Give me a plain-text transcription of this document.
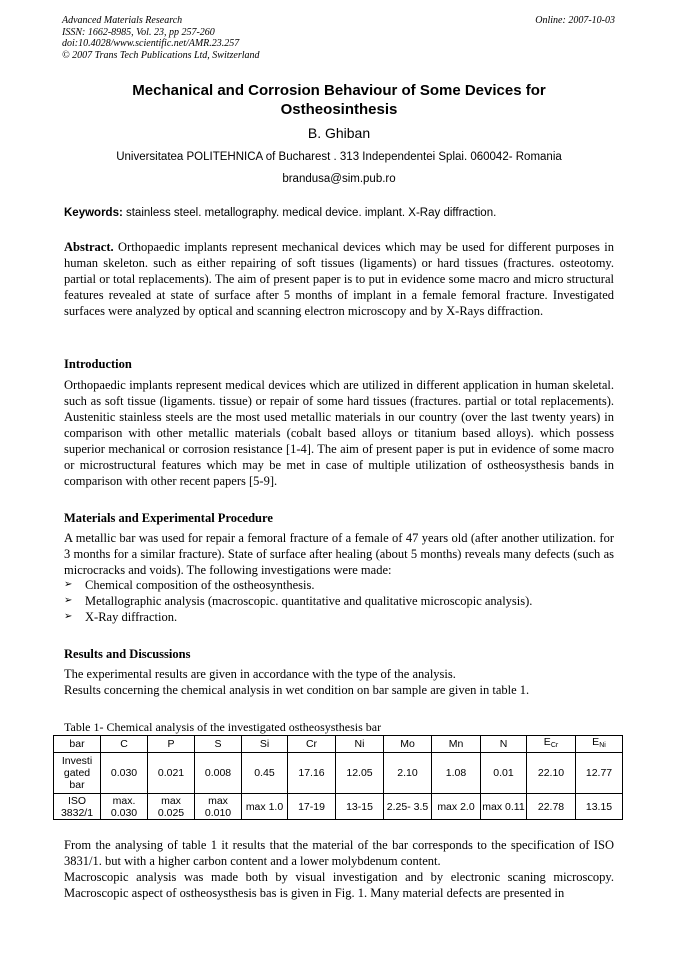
Advanced Materials Research
ISSN: 1662-8985, Vol. 23, pp 257-260
doi:10.4028/www.scientific.net/AMR.23.257
© 2007 Trans Tech Publications Ltd, Switzerland
Online: 2007-10-03
Mechanical and Corrosion Behaviour of Some Devices for
Ostheosinthesis
B. Ghiban
Universitatea POLITEHNICA of Bucharest . 313 Independentei Splai. 060042- Romania
brandusa@sim.pub.ro
Keywords: stainless steel. metallography. medical device. implant. X-Ray diffraction.
Abstract. Orthopaedic implants represent mechanical devices which may be used for different purposes in human skeleton. such as either repairing of soft tissues (ligaments) or hard tissues (fractures. osteotomy. partial or total replacements). The aim of present paper is to put in evidence some macro and micro structural features revealed at state of surface after 5 months of implant in a female femoral fracture. Investigated surfaces were analyzed by optical and scanning electron microscopy and by X-Rays diffraction.
Introduction
Orthopaedic implants represent medical devices which are utilized in different application in human skeletal. such as soft tissue (ligaments. tissue) or repair of some hard tissues (fractures. partial or total replacements). Austenitic stainless steels are the most used metallic materials in our country (over the last twenty years) in comparison with other metallic materials (cobalt based alloys or titanium based alloys). which possess superior mechanical or corrosion resistance [1-4]. The aim of present paper is put in evidence of some macro or microstructural features which may be met in case of multiple utilization of ostheosysthesis bands in comparison with other recent papers [5-9].
Materials and Experimental Procedure
A metallic bar was used for repair a femoral fracture of a female of 47 years old (after another utilization. for 3 months for a similar fracture). State of surface after healing (about 5 months) reveals many defects (such as microcracks and voids). The following investigations were made:
➢	Chemical composition of the ostheosynthesis.
➢	Metallographic analysis (macroscopic. quantitative and qualitative microscopic analysis).
➢	X-Ray diffraction.
Results and Discussions
The experimental results are given in accordance with the type of the analysis.
Results concerning the chemical analysis in wet condition on bar sample are given in table 1.
Table 1- Chemical analysis of the investigated ostheosysthesis bar
bar	C	P	S	Si	Cr	Ni	Mo	Mn	N	$E_{Cr}$	$E_{Ni}$
Investi gated bar	0.030	0.021	0.008	0.45	17.16	12.05	2.10	1.08	0.01	22.10	12.77
ISO 3832/1	max. 0.030	max 0.025	max 0.010	max 1.0	17-19	13-15	2.25- 3.5	max 2.0	max 0.11	22.78	13.15
From the analysing of table 1 it results that the material of the bar corresponds to the specification of ISO 3831/1. but with a higher carbon content and a lower molybdenum content.
Macroscopic analysis was made both by visual investigation and by electronic scaning microscopy. Macroscopic aspect of ostheosysthesis bas is given in Fig. 1. Many material defects are presented in
